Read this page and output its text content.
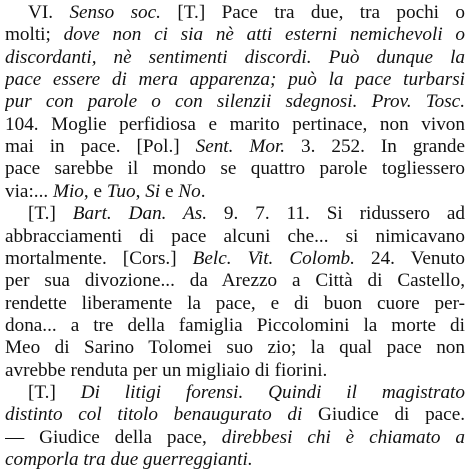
VI. Senso soc. [T.] Pace tra due, tra pochi o
molti; dove non ci sia nè atti esterni nemichevoli o
discordanti, nè sentimenti discordi. Può dunque la
pace essere di mera apparenza; può la pace turbarsi
pur con parole o con silenzii sdegnosi. Prov. Tosc.
104. Moglie perfidiosa e marito pertinace, non vivon
mai in pace. [Pol.] Sent. Mor. 3. 252. In grande
pace sarebbe il mondo se quattro parole togliessero
via:... Mio, e Tuo, Si e No.
[T.] Bart. Dan. As. 9. 7. 11. Si ridussero ad
abbracciamenti di pace alcuni che... si nimicavano
mortalmente. [Cors.] Belc. Vit. Colomb. 24. Venuto
per sua divozione... da Arezzo a Città di Castello,
rendette liberamente la pace, e di buon cuore per-
dona... a tre della famiglia Piccolomini la morte di
Meo di Sarino Tolomei suo zio; la qual pace non
avrebbe renduta per un migliaio di fiorini.
[T.] Di litigi forensi. Quindi il magistrato
distinto col titolo benaugurato di Giudice di pace.
— Giudice della pace, direbbesi chi è chiamato a
comporla tra due guerreggianti.
